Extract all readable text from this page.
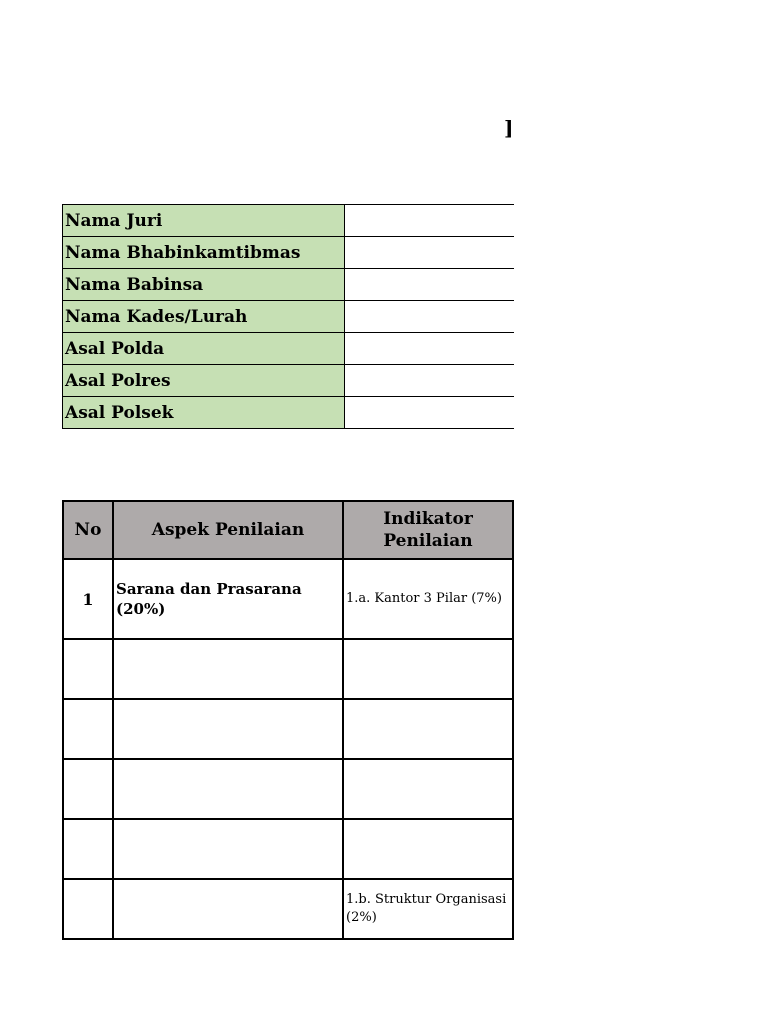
]
Nama Juri	
Nama Bhabinkamtibmas	
Nama Babinsa	
Nama Kades/Lurah	
Asal Polda	
Asal Polres	
Asal Polsek	
No	Aspek Penilaian	Indikator Penilaian
1	Sarana dan Prasarana (20%)	1.a. Kantor 3 Pilar (7%)

		1.b. Struktur Organisasi (2%)
